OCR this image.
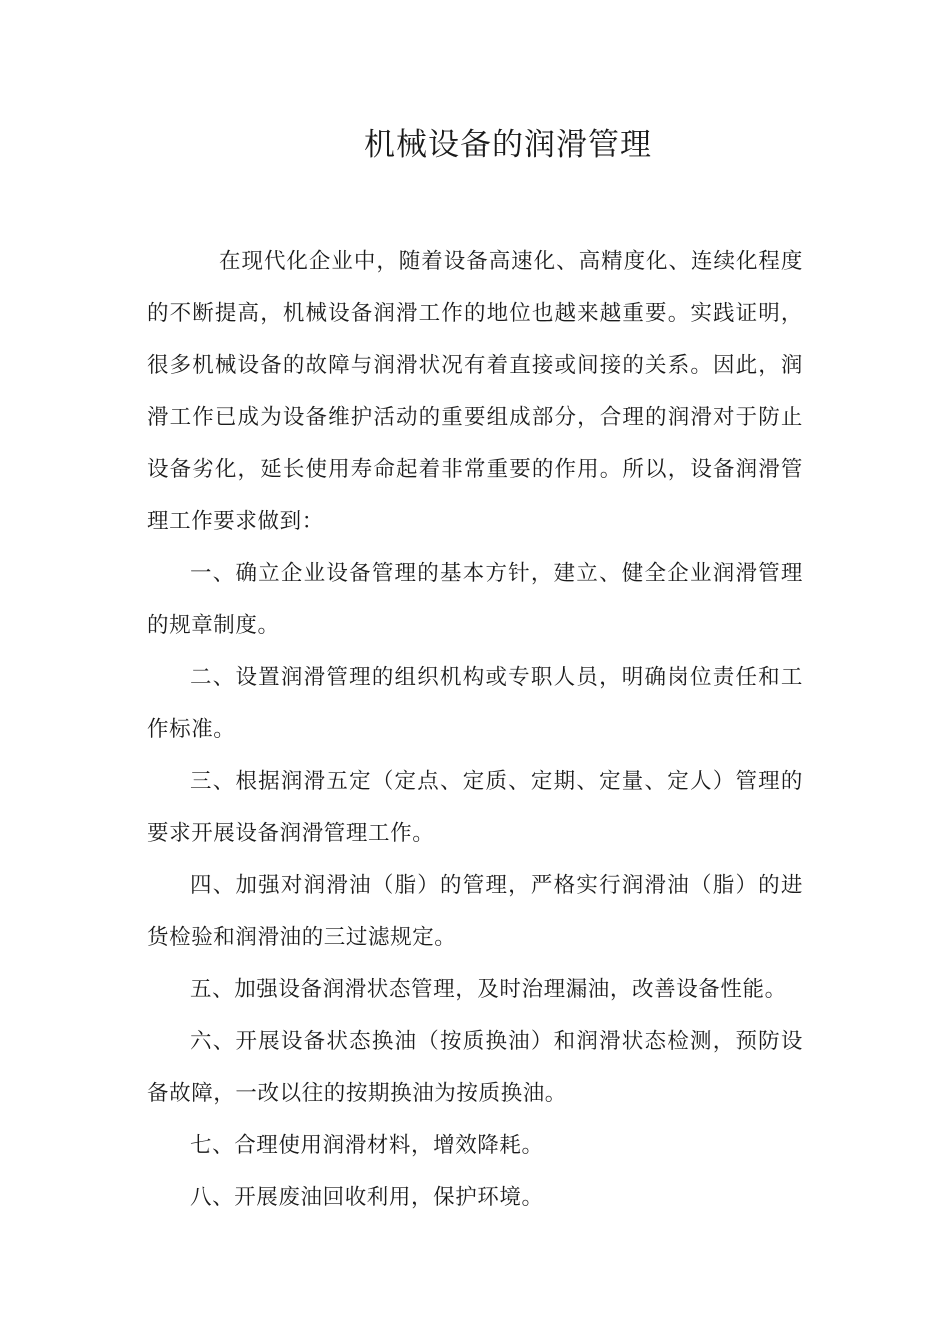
机械设备的润滑管理

在现代化企业中，随着设备高速化、高精度化、连续化程度的不断提高，机械设备润滑工作的地位也越来越重要。实践证明，很多机械设备的故障与润滑状况有着直接或间接的关系。因此，润滑工作已成为设备维护活动的重要组成部分，合理的润滑对于防止设备劣化，延长使用寿命起着非常重要的作用。所以，设备润滑管理工作要求做到：

一、确立企业设备管理的基本方针，建立、健全企业润滑管理的规章制度。

二、设置润滑管理的组织机构或专职人员，明确岗位责任和工作标准。

三、根据润滑五定（定点、定质、定期、定量、定人）管理的要求开展设备润滑管理工作。

四、加强对润滑油（脂）的管理，严格实行润滑油（脂）的进货检验和润滑油的三过滤规定。

五、加强设备润滑状态管理，及时治理漏油，改善设备性能。

六、开展设备状态换油（按质换油）和润滑状态检测，预防设备故障，一改以往的按期换油为按质换油。

七、合理使用润滑材料，增效降耗。

八、开展废油回收利用，保护环境。
